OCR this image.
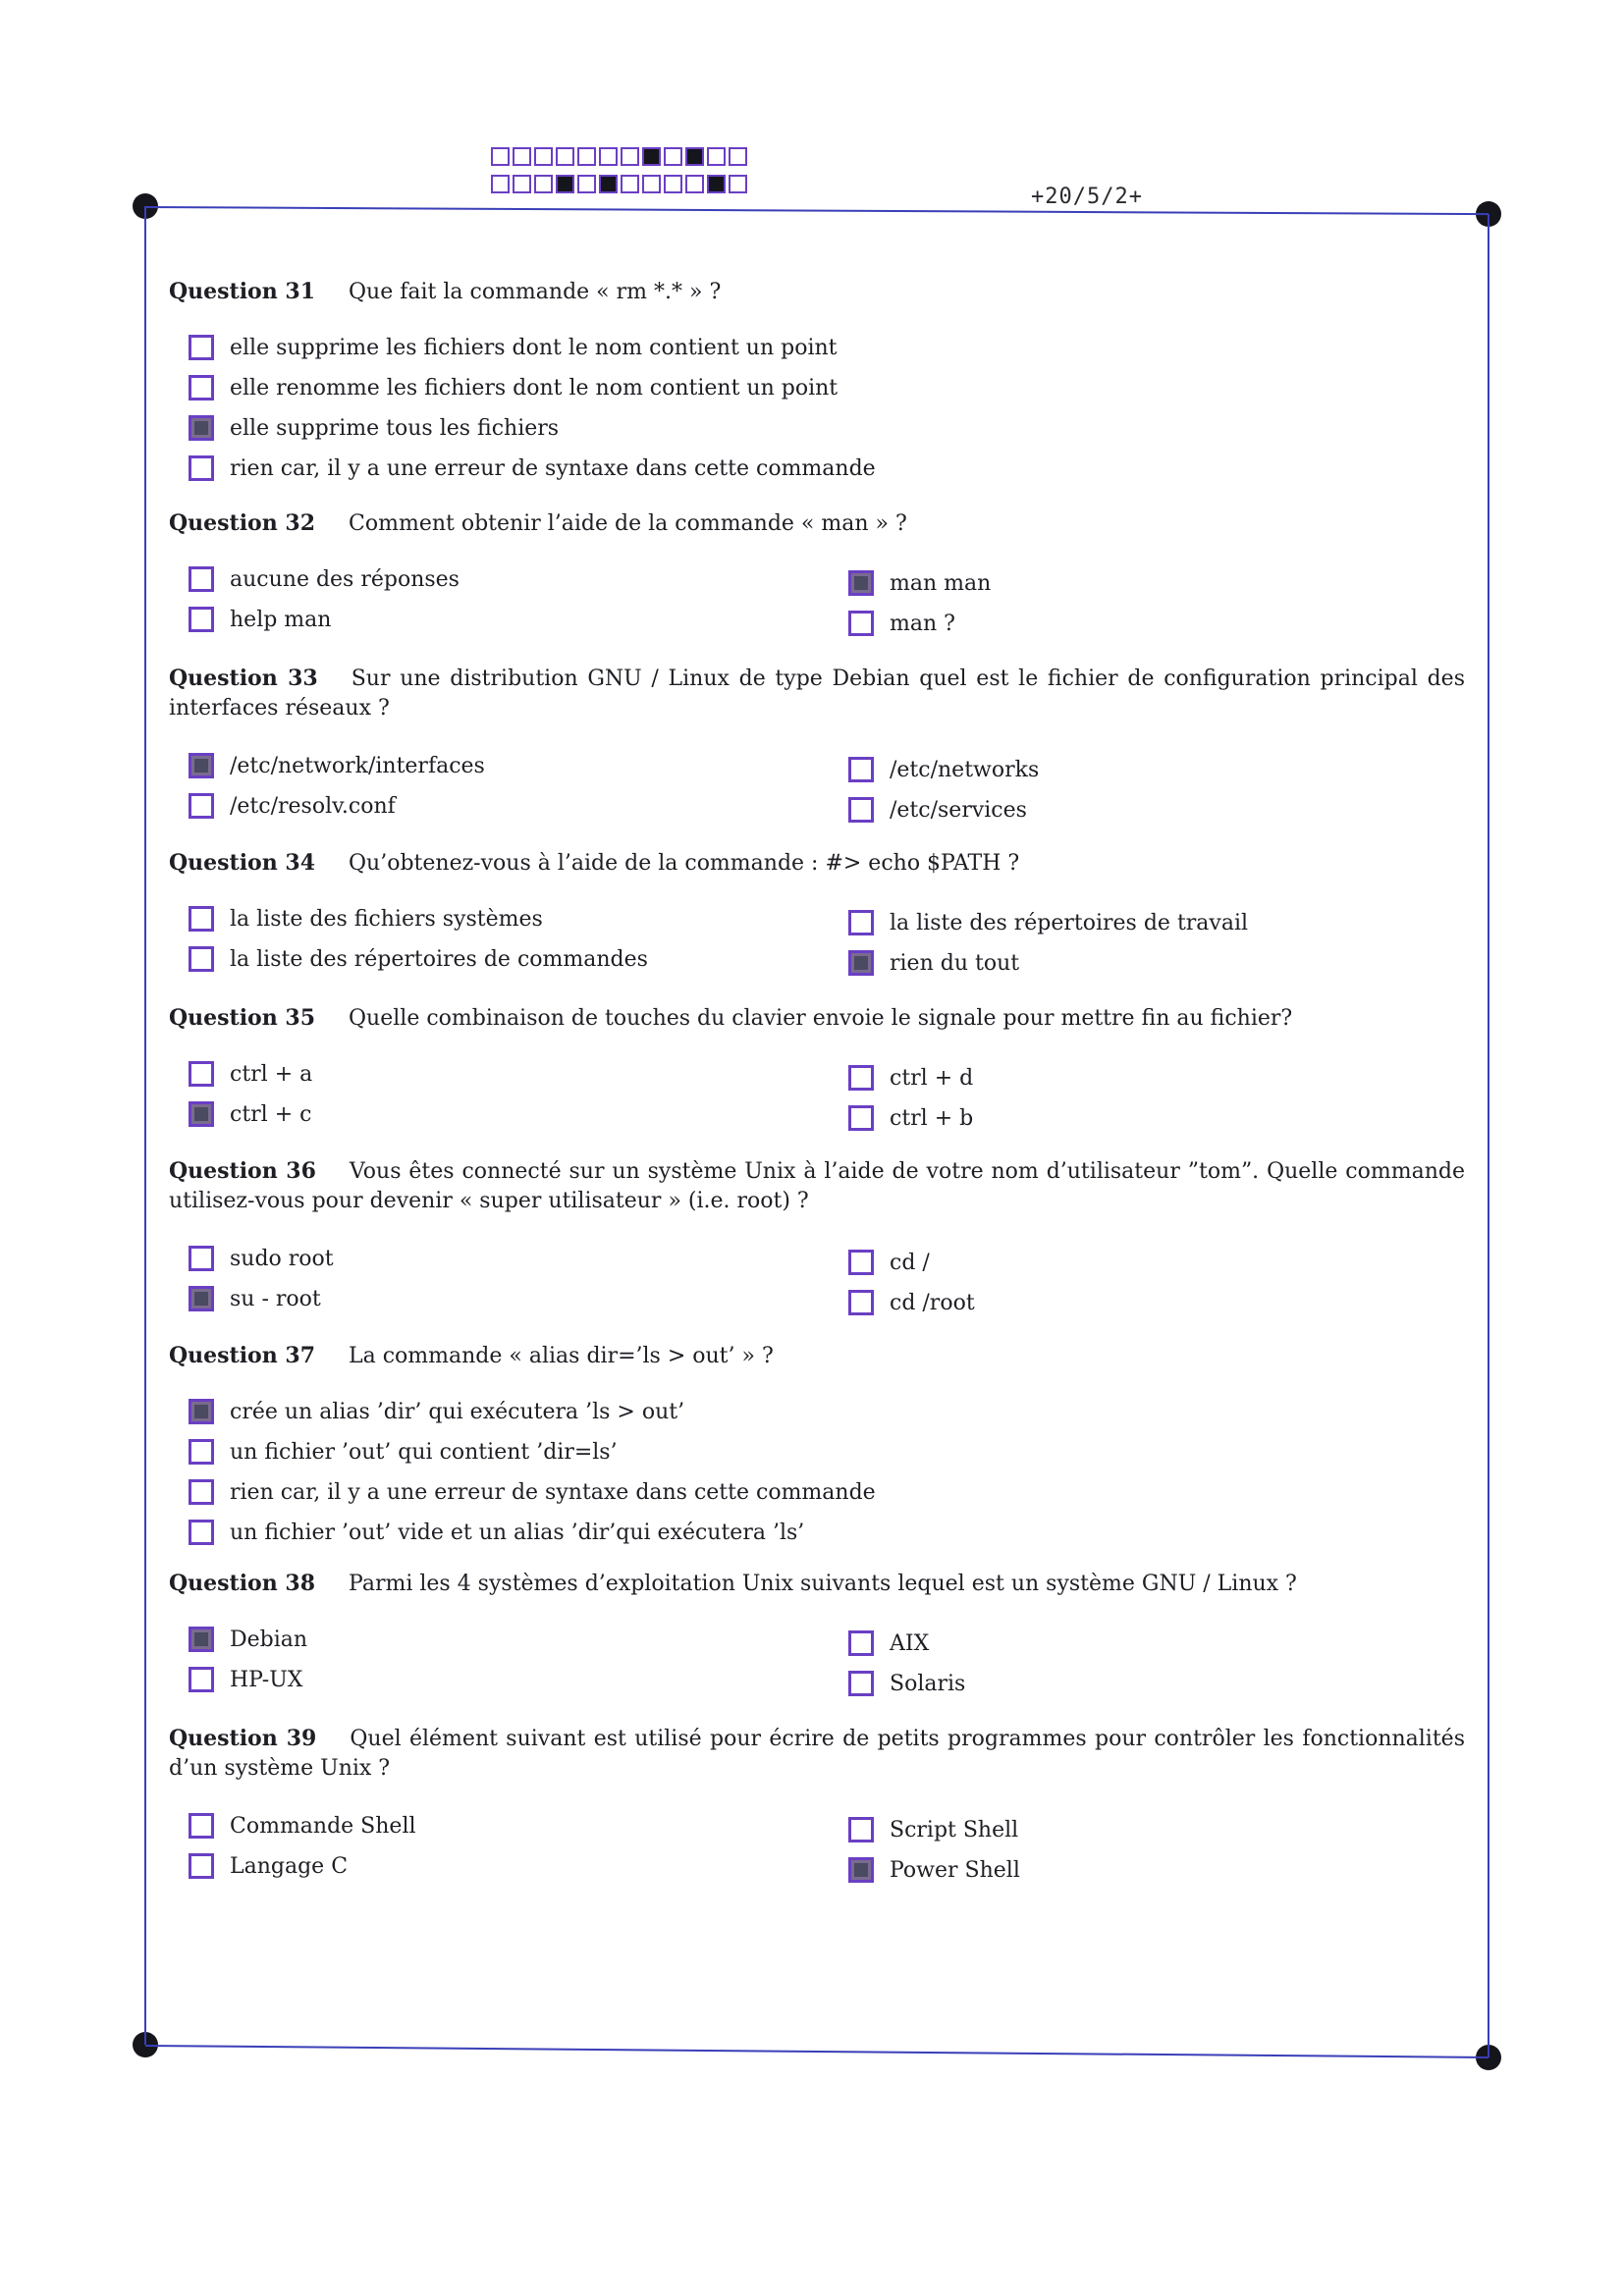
+20/5/2+
Question 31 Que fait la commande « rm *.* » ?
elle supprime les fichiers dont le nom contient un point
elle renomme les fichiers dont le nom contient un point
elle supprime tous les fichiers
rien car, il y a une erreur de syntaxe dans cette commande
Question 32 Comment obtenir l’aide de la commande « man » ?
aucune des réponses
help man
man man
man ?
Question 33 Sur une distribution GNU / Linux de type Debian quel est le fichier de configuration principal des interfaces réseaux ?
/etc/network/interfaces
/etc/resolv.conf
/etc/networks
/etc/services
Question 34 Qu’obtenez-vous à l’aide de la commande : #> echo $PATH ?
la liste des fichiers systèmes
la liste des répertoires de commandes
la liste des répertoires de travail
rien du tout
Question 35 Quelle combinaison de touches du clavier envoie le signale pour mettre fin au fichier?
ctrl + a
ctrl + c
ctrl + d
ctrl + b
Question 36 Vous êtes connecté sur un système Unix à l’aide de votre nom d’utilisateur ”tom”. Quelle commande utilisez-vous pour devenir « super utilisateur » (i.e. root) ?
sudo root
su - root
cd /
cd /root
Question 37 La commande « alias dir=’ls > out’ » ?
crée un alias ’dir’ qui exécutera ’ls > out’
un fichier ’out’ qui contient ’dir=ls’
rien car, il y a une erreur de syntaxe dans cette commande
un fichier ’out’ vide et un alias ’dir’qui exécutera ’ls’
Question 38 Parmi les 4 systèmes d’exploitation Unix suivants lequel est un système GNU / Linux ?
Debian
HP-UX
AIX
Solaris
Question 39 Quel élément suivant est utilisé pour écrire de petits programmes pour contrôler les fonctionnalités d’un système Unix ?
Commande Shell
Langage C
Script Shell
Power Shell
